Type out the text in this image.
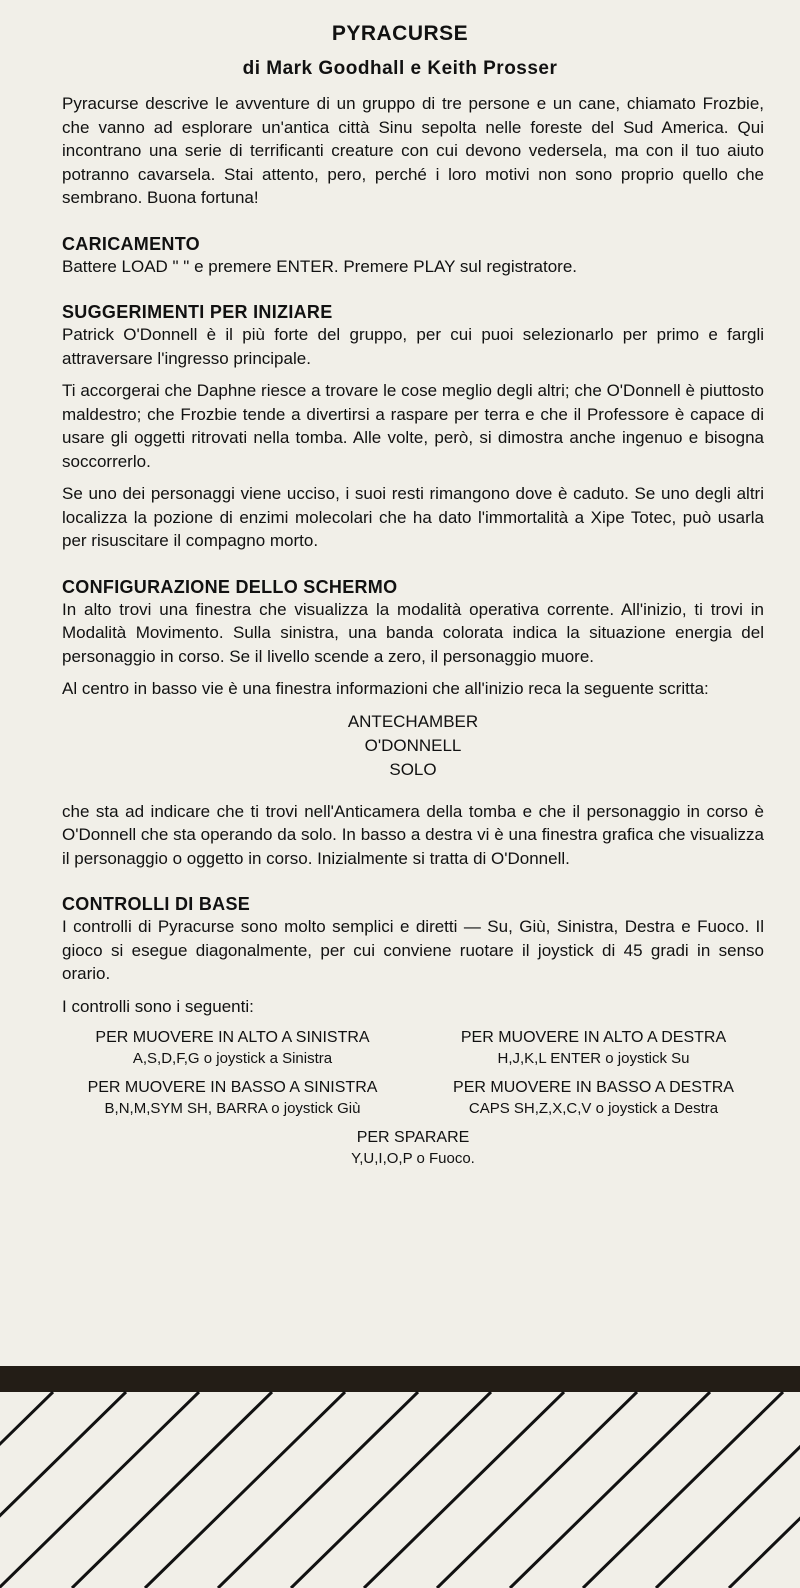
PYRACURSE
di Mark Goodhall e Keith Prosser

Pyracurse descrive le avventure di un gruppo di tre persone e un cane, chiamato Frozbie, che vanno ad esplorare un'antica città Sinu sepolta nelle foreste del Sud America. Qui incontrano una serie di terrificanti creature con cui devono vedersela, ma con il tuo aiuto potranno cavarsela. Stai attento, pero, perché i loro motivi non sono proprio quello che sembrano. Buona fortuna!

CARICAMENTO

Battere LOAD " " e premere ENTER. Premere PLAY sul registratore.

SUGGERIMENTI PER INIZIARE

Patrick O'Donnell è il più forte del gruppo, per cui puoi selezionarlo per primo e fargli attraversare l'ingresso principale.

Ti accorgerai che Daphne riesce a trovare le cose meglio degli altri; che O'Donnell è piuttosto maldestro; che Frozbie tende a divertirsi a raspare per terra e che il Professore è capace di usare gli oggetti ritrovati nella tomba. Alle volte, però, si dimostra anche ingenuo e bisogna soccorrerlo.

Se uno dei personaggi viene ucciso, i suoi resti rimangono dove è caduto. Se uno degli altri localizza la pozione di enzimi molecolari che ha dato l'immortalità a Xipe Totec, può usarla per risuscitare il compagno morto.

CONFIGURAZIONE DELLO SCHERMO

In alto trovi una finestra che visualizza la modalità operativa corrente. All'inizio, ti trovi in Modalità Movimento. Sulla sinistra, una banda colorata indica la situazione energia del personaggio in corso. Se il livello scende a zero, il personaggio muore.

Al centro in basso vie è una finestra informazioni che all'inizio reca la seguente scritta:

ANTECHAMBER
O'DONNELL
SOLO

che sta ad indicare che ti trovi nell'Anticamera della tomba e che il personaggio in corso è O'Donnell che sta operando da solo. In basso a destra vi è una finestra grafica che visualizza il personaggio o oggetto in corso. Inizialmente si tratta di O'Donnell.

CONTROLLI DI BASE

I controlli di Pyracurse sono molto semplici e diretti — Su, Giù, Sinistra, Destra e Fuoco. Il gioco si esegue diagonalmente, per cui conviene ruotare il joystick di 45 gradi in senso orario.

I controlli sono i seguenti:

PER MUOVERE IN ALTO A SINISTRA
A,S,D,F,G o joystick a Sinistra
PER MUOVERE IN ALTO A DESTRA
H,J,K,L ENTER o joystick Su
PER MUOVERE IN BASSO A SINISTRA
B,N,M,SYM SH, BARRA o joystick Giù
PER MUOVERE IN BASSO A DESTRA
CAPS SH,Z,X,C,V o joystick a Destra
PER SPARARE
Y,U,I,O,P o Fuoco.
